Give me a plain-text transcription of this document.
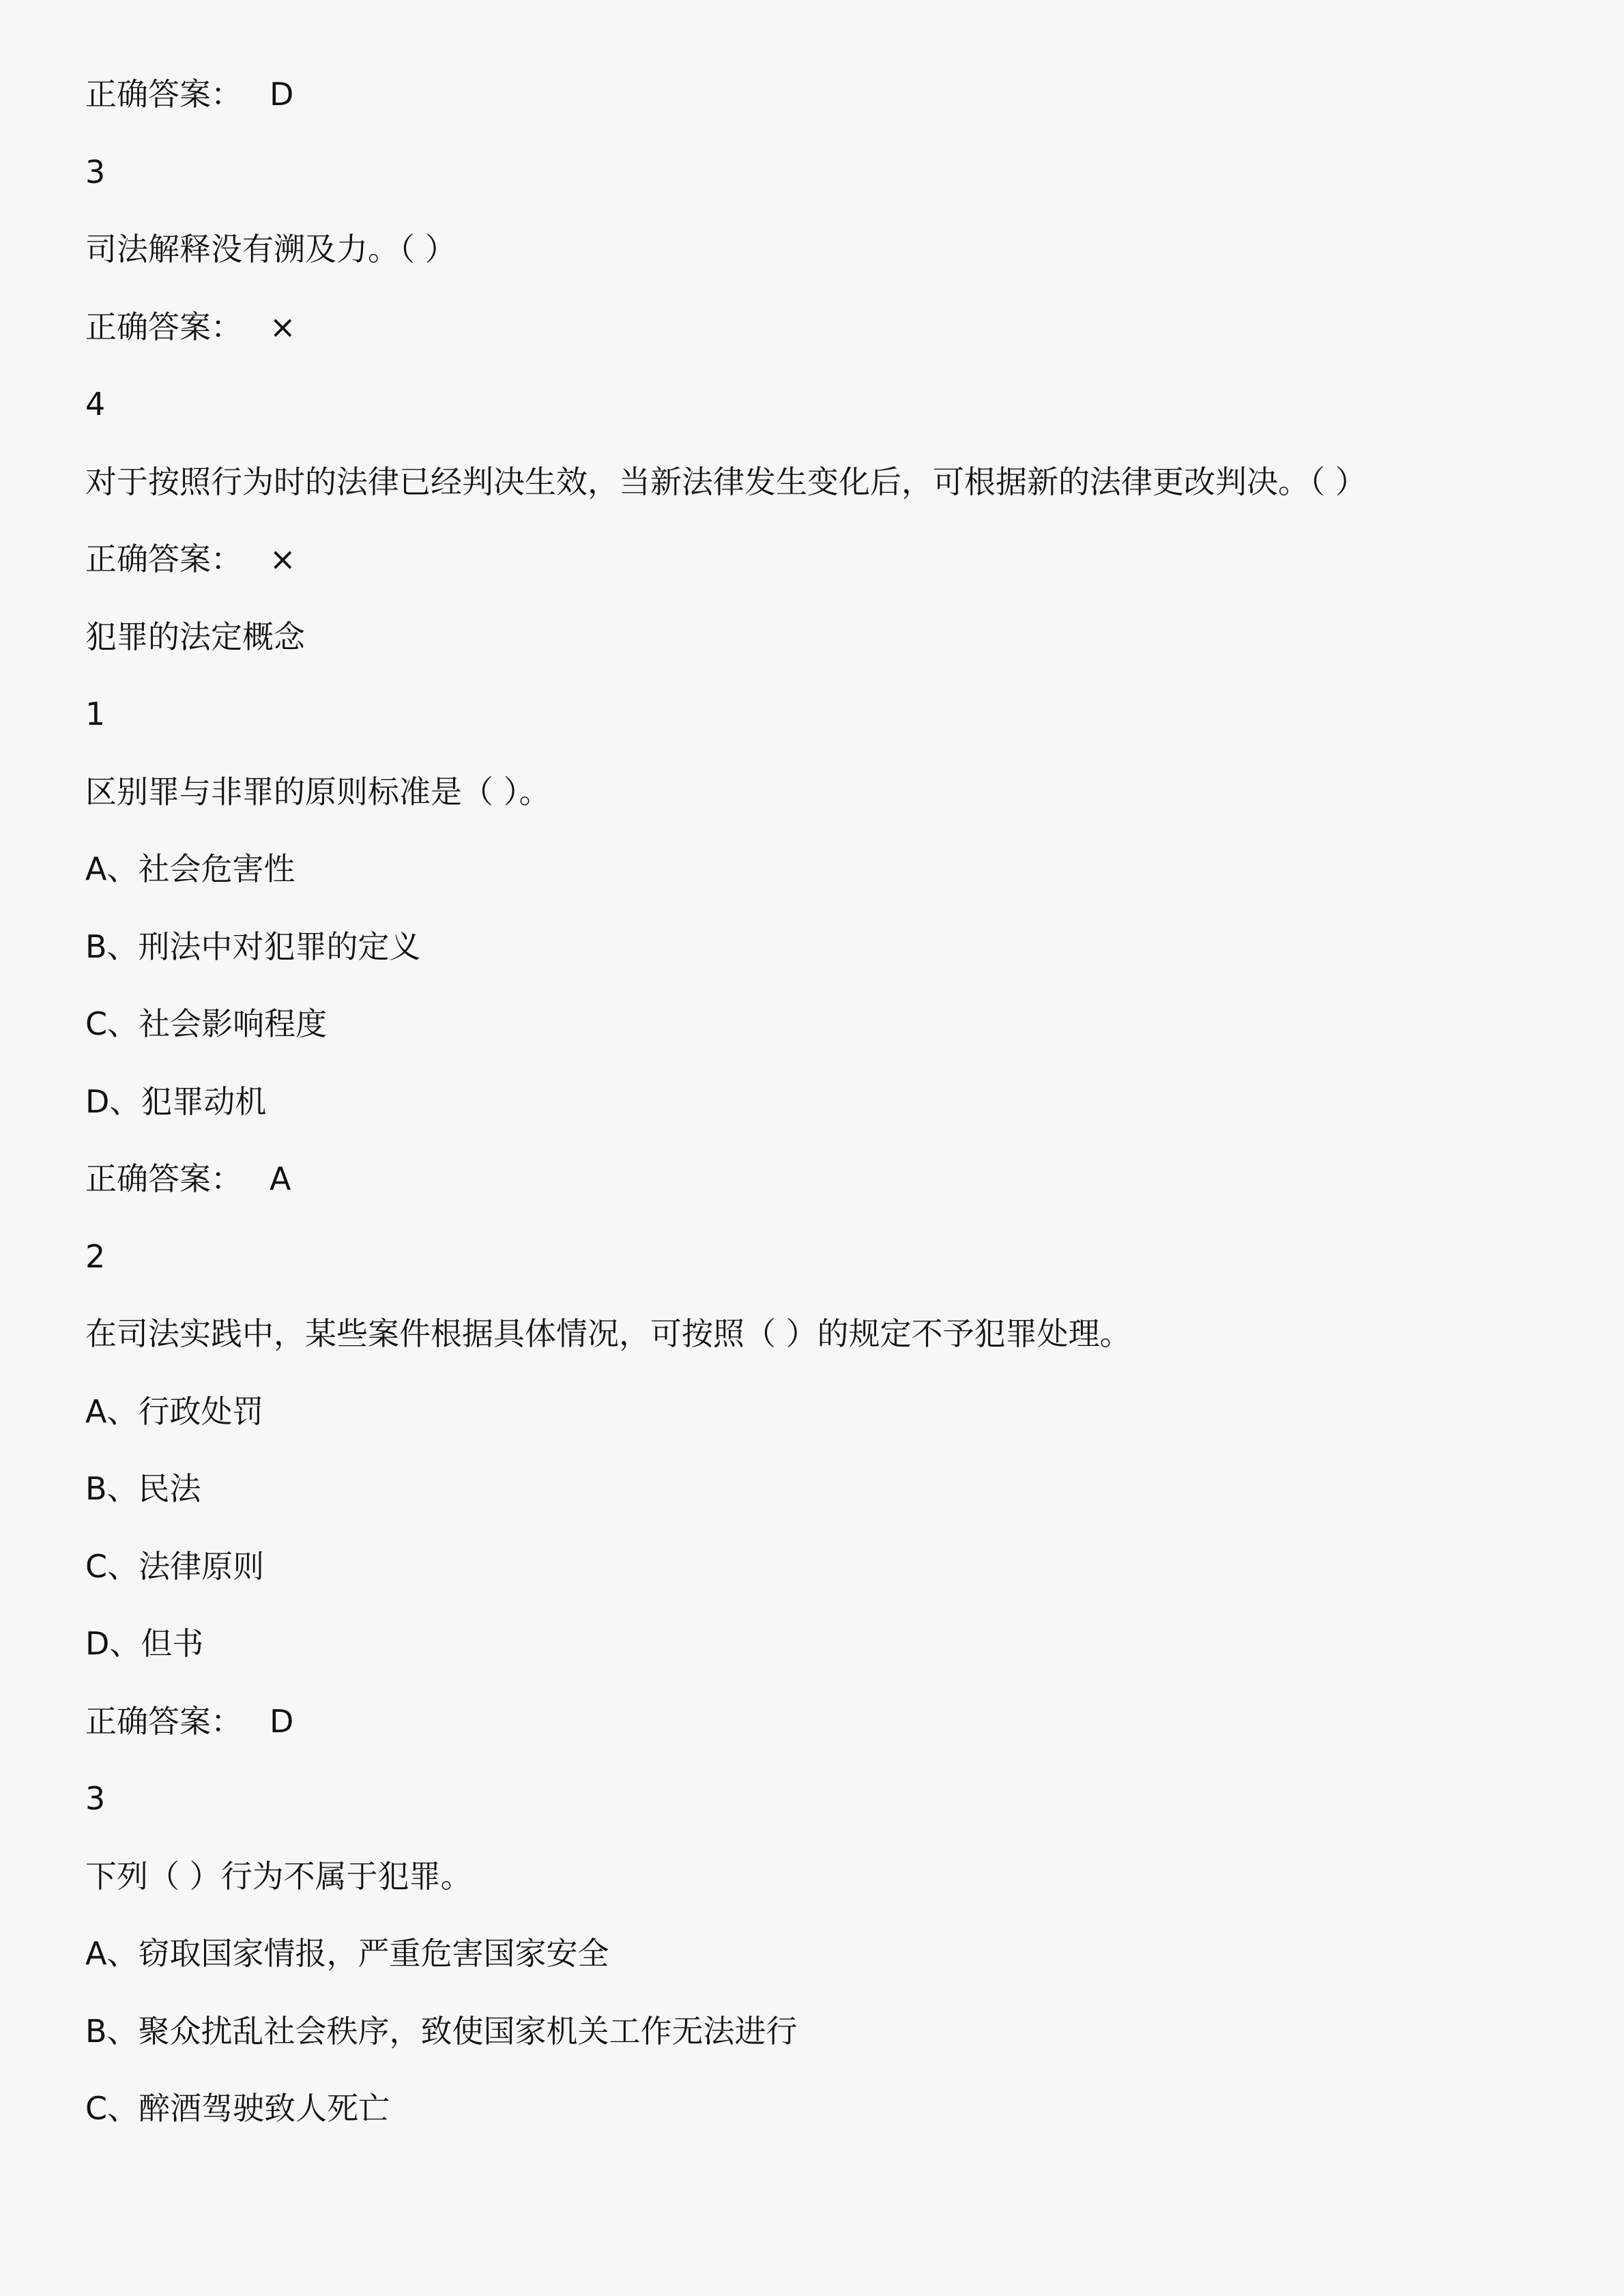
正确答案： D
3
司法解释没有溯及力。（ ）
正确答案： ×
4
对于按照行为时的法律已经判决生效，当新法律发生变化后，可根据新的法律更改判决。（ ）
正确答案： ×
犯罪的法定概念
1
区别罪与非罪的原则标准是（ ）。
A、社会危害性
B、刑法中对犯罪的定义
C、社会影响程度
D、犯罪动机
正确答案： A
2
在司法实践中，某些案件根据具体情况，可按照（ ）的规定不予犯罪处理。
A、行政处罚
B、民法
C、法律原则
D、但书
正确答案： D
3
下列（ ）行为不属于犯罪。
A、窃取国家情报，严重危害国家安全
B、聚众扰乱社会秩序，致使国家机关工作无法进行
C、醉酒驾驶致人死亡
